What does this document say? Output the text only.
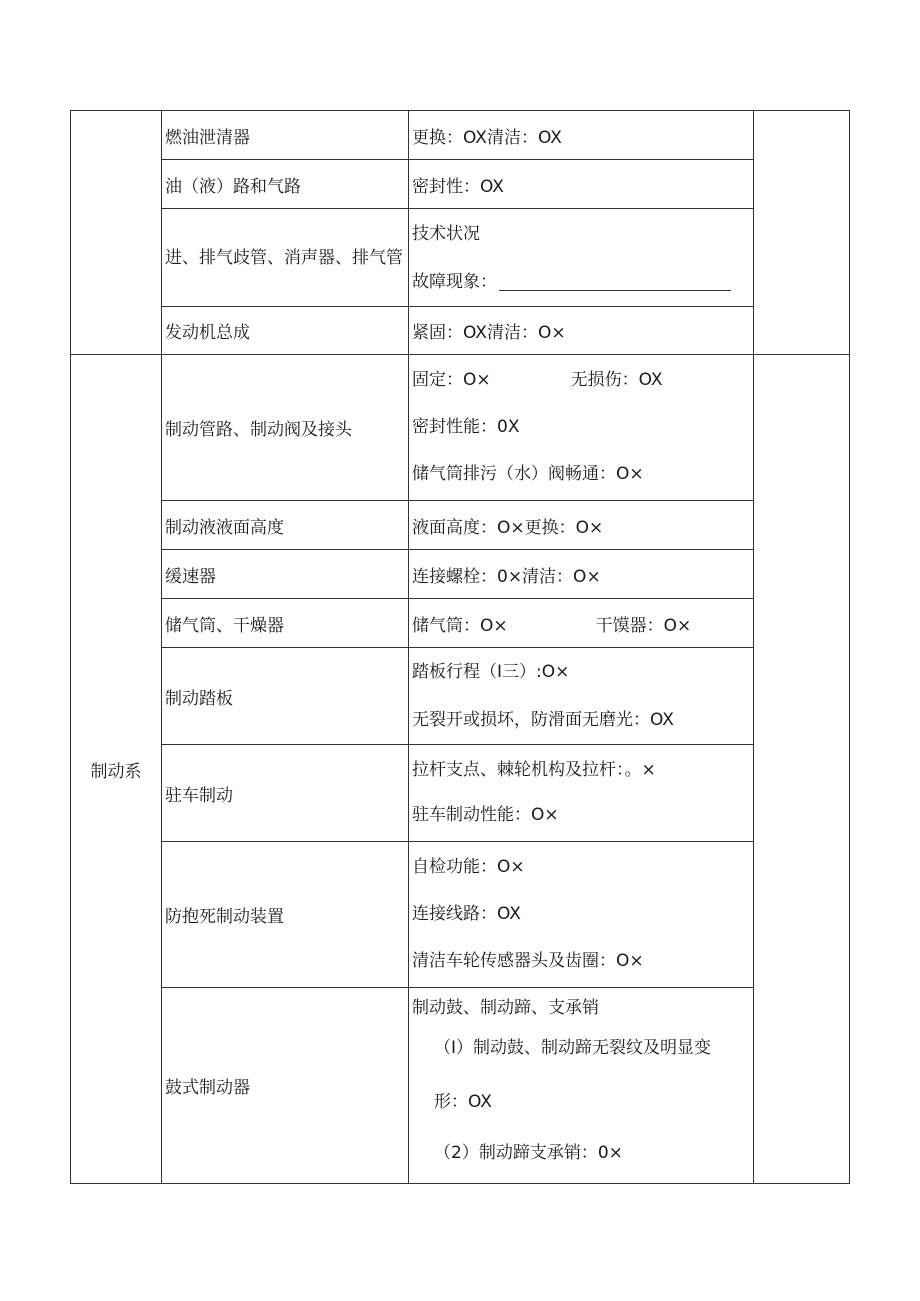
	燃油泄清器	更换：OX清洁：OX	

	油（液）路和气路	密封性：OX	

	进、排气歧管、消声器、排气管	技术状况
故障现象：	

	发动机总成	紧固：OX清洁：O×	

制动系	制动管路、制动阀及接头	固定：O× 无损伤：OX
密封性能：0X
储气筒排污（水）阀畅通：O×	

	制动液液面高度	液面高度：O×更换：O×	

	缓速器	连接螺栓：0×清洁：O×	

	储气筒、干燥器	储气筒：O× 干馍器：O×	

	制动踏板	踏板行程（I三）:O×
无裂开或损坏，防滑面无磨光：OX	

	驻车制动	拉杆支点、棘轮机构及拉杆：。×
驻车制动性能：O×	

	防抱死制动装置	自检功能：O×
连接线路：OX
清洁车轮传感器头及齿圈：O×	

	鼓式制动器	制动鼓、制动蹄、支承销
（I）制动鼓、制动蹄无裂纹及明显变形：OX
（2）制动蹄支承销：0×	
